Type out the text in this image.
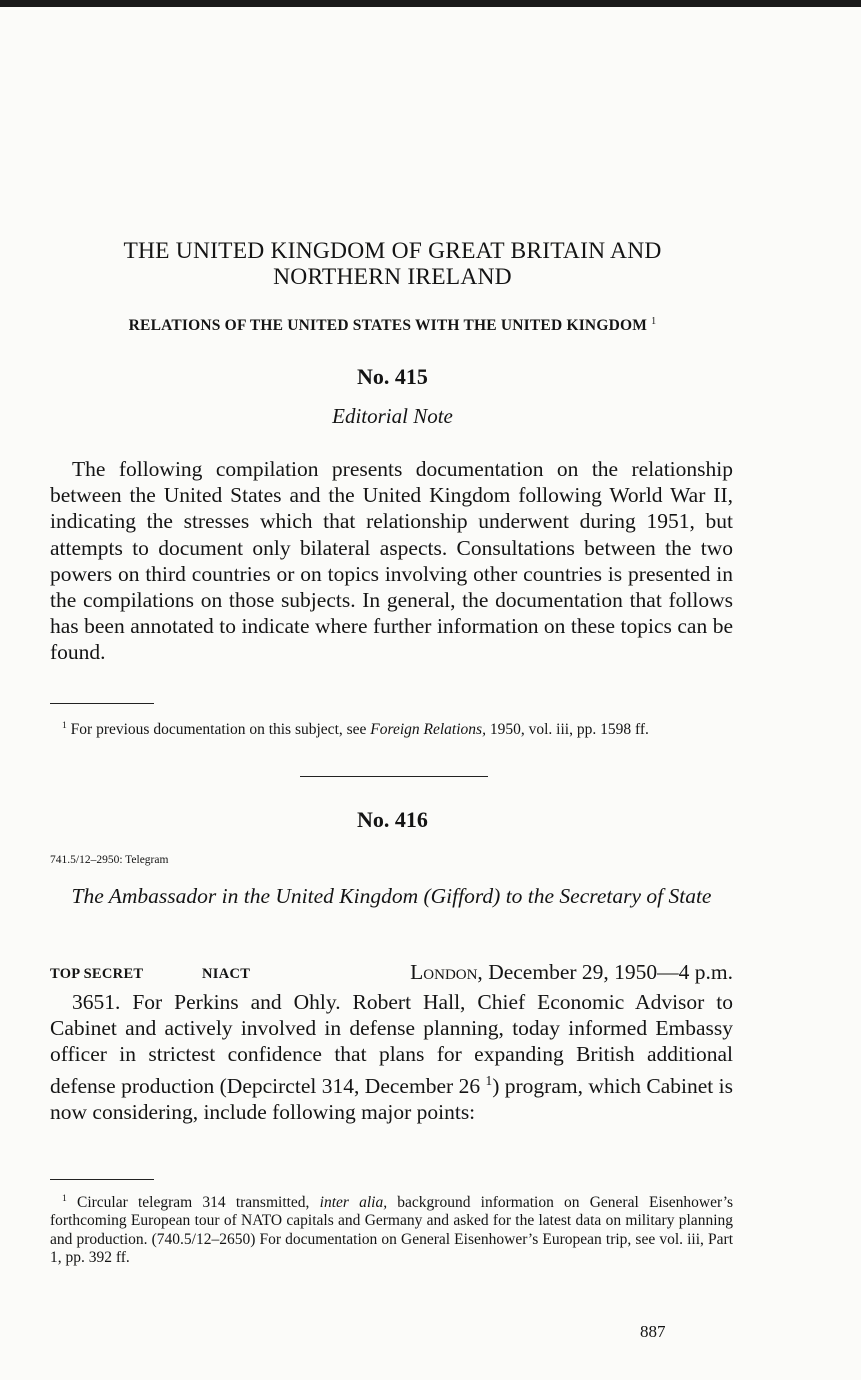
THE UNITED KINGDOM OF GREAT BRITAIN AND
NORTHERN IRELAND
RELATIONS OF THE UNITED STATES WITH THE UNITED KINGDOM $^1$
No. 415
Editorial Note
The following compilation presents documentation on the relationship between the United States and the United Kingdom following World War II, indicating the stresses which that relationship underwent during 1951, but attempts to document only bilateral aspects. Consultations between the two powers on third countries or on topics involving other countries is presented in the compilations on those subjects. In general, the documentation that follows has been annotated to indicate where further information on these topics can be found.
$^1$ For previous documentation on this subject, see Foreign Relations, 1950, vol. iii, pp. 1598 ff.
No. 416
741.5/12–2950: Telegram
The Ambassador in the United Kingdom (Gifford) to the Secretary of State
TOP SECRET	NIACT	London, December 29, 1950—4 p.m.
3651. For Perkins and Ohly. Robert Hall, Chief Economic Advisor to Cabinet and actively involved in defense planning, today informed Embassy officer in strictest confidence that plans for expanding British additional defense production (Depcirctel 314, December 26 $^1$) program, which Cabinet is now considering, include following major points:
$^1$ Circular telegram 314 transmitted, inter alia, background information on General Eisenhower’s forthcoming European tour of NATO capitals and Germany and asked for the latest data on military planning and production. (740.5/12–2650) For documentation on General Eisenhower’s European trip, see vol. iii, Part 1, pp. 392 ff.
887
